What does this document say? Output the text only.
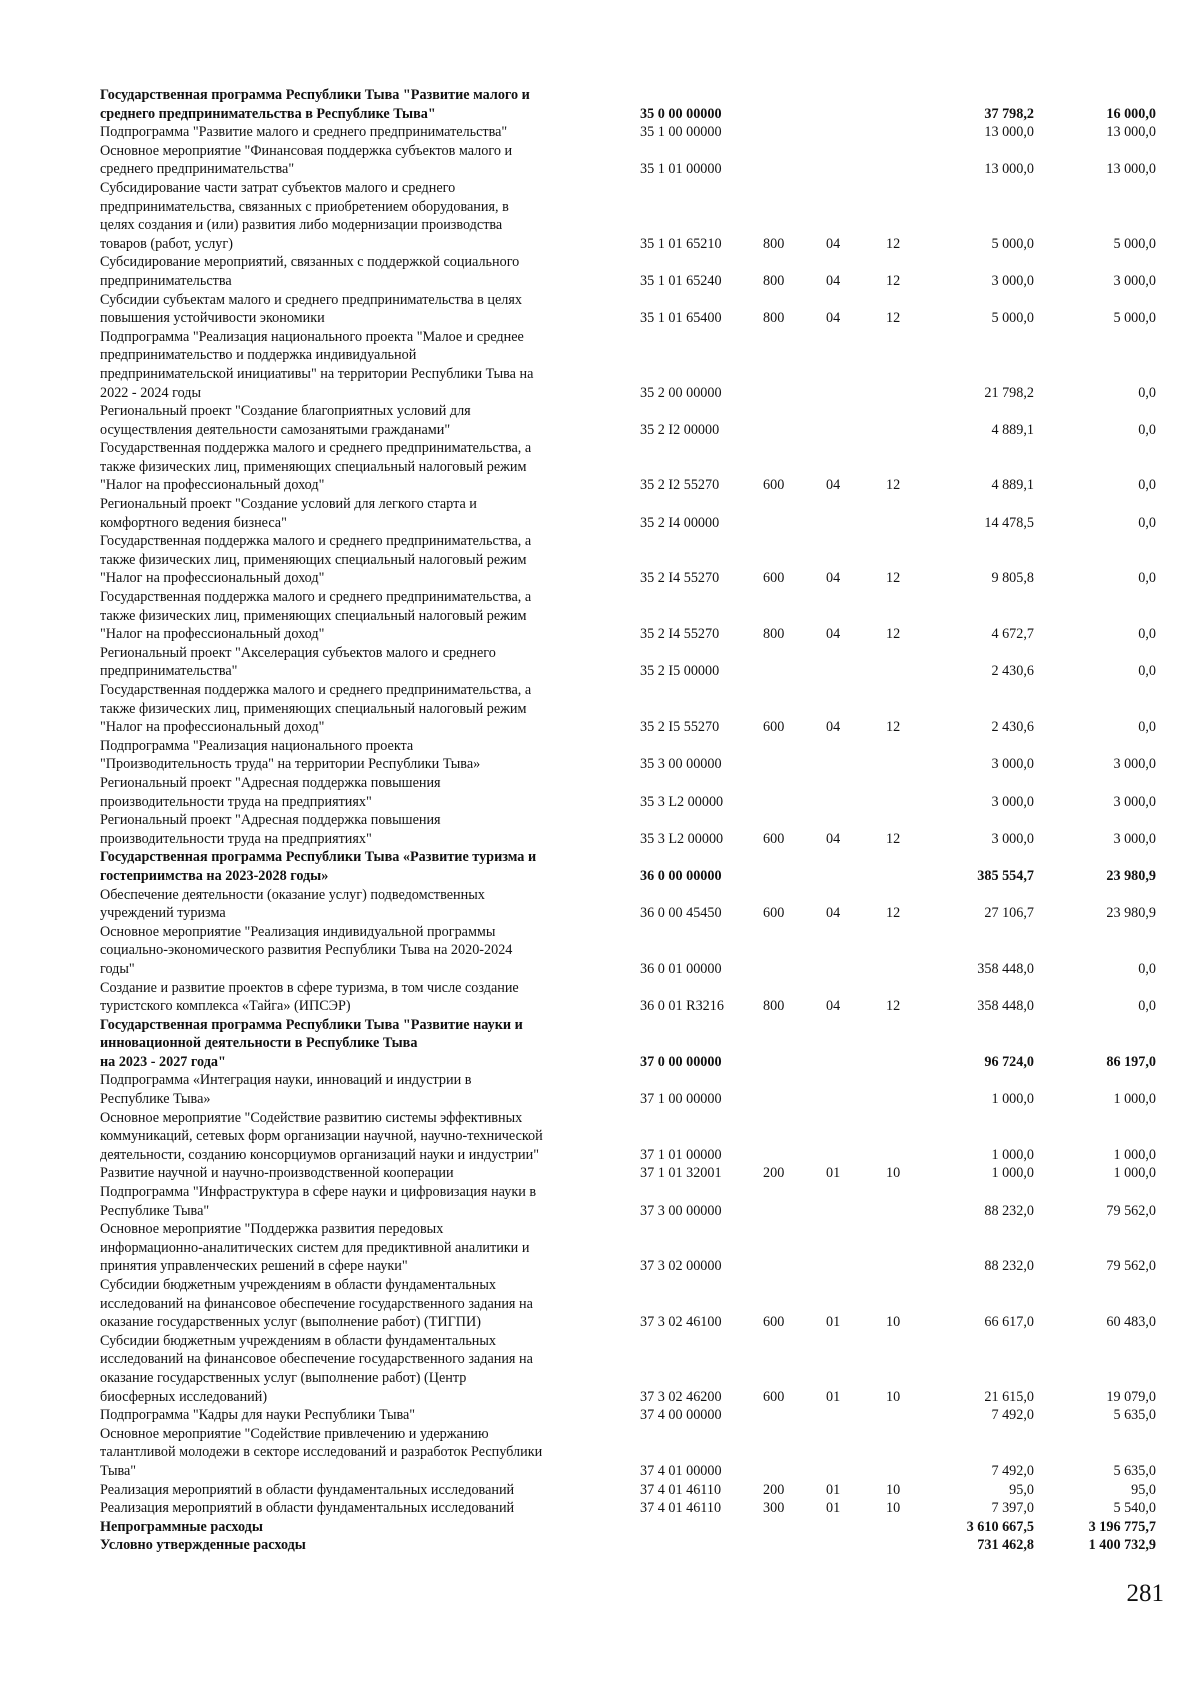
Государственная программа Республики Тыва "Развитие малого и
среднего предпринимательства в Республике Тыва"	35 0 00 00000	37 798,2	16 000,0
Подпрограмма "Развитие малого и среднего предпринимательства"	35 1 00 00000	13 000,0	13 000,0
Основное мероприятие "Финансовая поддержка субъектов малого и
среднего предпринимательства"	35 1 01 00000	13 000,0	13 000,0
Субсидирование части затрат субъектов малого и среднего
предпринимательства, связанных с приобретением оборудования, в
целях создания и (или) развития либо модернизации производства
товаров (работ, услуг)	35 1 01 65210	800	04	12	5 000,0	5 000,0
Субсидирование мероприятий, связанных с поддержкой социального
предпринимательства	35 1 01 65240	800	04	12	3 000,0	3 000,0
Субсидии субъектам малого и среднего предпринимательства в целях
повышения устойчивости экономики	35 1 01 65400	800	04	12	5 000,0	5 000,0
Подпрограмма "Реализация национального проекта "Малое и среднее
предпринимательство и поддержка индивидуальной
предпринимательской инициативы" на территории Республики Тыва на
2022 - 2024 годы	35 2 00 00000	21 798,2	0,0
Региональный проект "Создание благоприятных условий для
осуществления деятельности самозанятыми гражданами"	35 2 I2 00000	4 889,1	0,0
Государственная поддержка малого и среднего предпринимательства, а
также физических лиц, применяющих специальный налоговый режим
"Налог на профессиональный доход"	35 2 I2 55270	600	04	12	4 889,1	0,0
Региональный проект "Создание условий для легкого старта и
комфортного ведения бизнеса"	35 2 I4 00000	14 478,5	0,0
Государственная поддержка малого и среднего предпринимательства, а
также физических лиц, применяющих специальный налоговый режим
"Налог на профессиональный доход"	35 2 I4 55270	600	04	12	9 805,8	0,0
Государственная поддержка малого и среднего предпринимательства, а
также физических лиц, применяющих специальный налоговый режим
"Налог на профессиональный доход"	35 2 I4 55270	800	04	12	4 672,7	0,0
Региональный проект "Акселерация субъектов малого и среднего
предпринимательства"	35 2 I5 00000	2 430,6	0,0
Государственная поддержка малого и среднего предпринимательства, а
также физических лиц, применяющих специальный налоговый режим
"Налог на профессиональный доход"	35 2 I5 55270	600	04	12	2 430,6	0,0
Подпрограмма "Реализация национального проекта
"Производительность труда" на территории Республики Тыва»	35 3 00 00000	3 000,0	3 000,0
Региональный проект "Адресная поддержка повышения
производительности труда на предприятиях"	35 3 L2 00000	3 000,0	3 000,0
Региональный проект "Адресная поддержка повышения
производительности труда на предприятиях"	35 3 L2 00000	600	04	12	3 000,0	3 000,0
Государственная программа Республики Тыва «Развитие туризма и
гостеприимства на 2023-2028 годы»	36 0 00 00000	385 554,7	23 980,9
Обеспечение деятельности (оказание услуг) подведомственных
учреждений туризма	36 0 00 45450	600	04	12	27 106,7	23 980,9
Основное мероприятие "Реализация индивидуальной программы
социально-экономического развития Республики Тыва на 2020-2024
годы"	36 0 01 00000	358 448,0	0,0
Создание и развитие проектов в сфере туризма, в том числе создание
туристского комплекса «Тайга» (ИПСЭР)	36 0 01 R3216	800	04	12	358 448,0	0,0
Государственная программа Республики Тыва "Развитие науки и
инновационной деятельности в Республике Тыва
на 2023 - 2027 года"	37 0 00 00000	96 724,0	86 197,0
Подпрограмма «Интеграция науки, инноваций и индустрии в
Республике Тыва»	37 1 00 00000	1 000,0	1 000,0
Основное мероприятие "Содействие развитию системы эффективных
коммуникаций, сетевых форм организации научной, научно-технической
деятельности, созданию консорциумов организаций науки и индустрии"	37 1 01 00000	1 000,0	1 000,0
Развитие научной и научно-производственной кооперации	37 1 01 32001	200	01	10	1 000,0	1 000,0
Подпрограмма "Инфраструктура в сфере науки и цифровизация науки в
Республике Тыва"	37 3 00 00000	88 232,0	79 562,0
Основное мероприятие "Поддержка развития передовых
информационно-аналитических систем для предиктивной аналитики и
принятия управленческих решений в сфере науки"	37 3 02 00000	88 232,0	79 562,0
Субсидии бюджетным учреждениям в области фундаментальных
исследований на финансовое обеспечение государственного задания на
оказание государственных услуг (выполнение работ) (ТИГПИ)	37 3 02 46100	600	01	10	66 617,0	60 483,0
Субсидии бюджетным учреждениям в области фундаментальных
исследований на финансовое обеспечение государственного задания на
оказание государственных услуг (выполнение работ) (Центр
биосферных исследований)	37 3 02 46200	600	01	10	21 615,0	19 079,0
Подпрограмма "Кадры для науки Республики Тыва"	37 4 00 00000	7 492,0	5 635,0
Основное мероприятие "Содействие привлечению и удержанию
талантливой молодежи в секторе исследований и разработок Республики
Тыва"	37 4 01 00000	7 492,0	5 635,0
Реализация мероприятий в области фундаментальных исследований	37 4 01 46110	200	01	10	95,0	95,0
Реализация мероприятий в области фундаментальных исследований	37 4 01 46110	300	01	10	7 397,0	5 540,0
Непрограммные расходы	3 610 667,5	3 196 775,7
Условно утвержденные расходы	731 462,8	1 400 732,9
281
